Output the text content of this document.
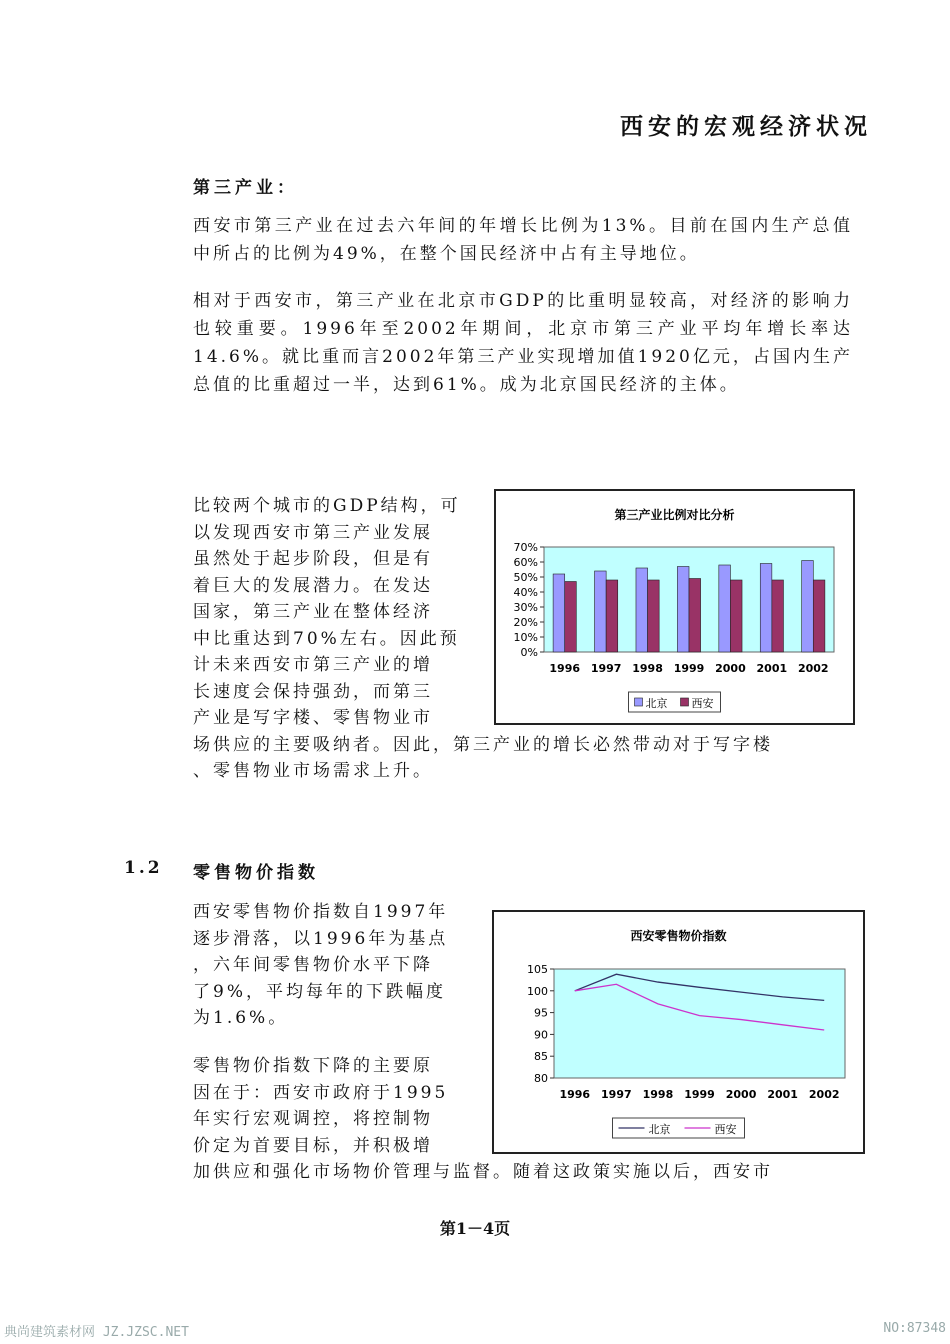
西安的宏观经济状况
第三产业：

西安市第三产业在过去六年间的年增长比例为13%。目前在国内生产总值中所占的比例为49%，在整个国民经济中占有主导地位。

相对于西安市，第三产业在北京市GDP的比重明显较高，对经济的影响力也较重要。1996年至2002年期间，北京市第三产业平均年增长率达14.6%。就比重而言2002年第三产业实现增加值1920亿元，占国内生产总值的比重超过一半，达到61%。成为北京国民经济的主体。

比较两个城市的GDP结构，可
以发现西安市第三产业发展
虽然处于起步阶段，但是有
着巨大的发展潜力。在发达
国家，第三产业在整体经济
中比重达到70%左右。因此预
计未来西安市第三产业的增
长速度会保持强劲，而第三
产业是写字楼、零售物业市
场供应的主要吸纳者。因此，第三产业的增长必然带动对于写字楼
、零售物业市场需求上升。
第三产业比例对比分析
0%
10%
20%
30%
40%
50%
60%
70%
1996 1997 1998 1999 2000 2001 2002
北京 西安
1.2 零售物价指数
西安零售物价指数自1997年
逐步滑落，以1996年为基点
，六年间零售物价水平下降
了9%，平均每年的下跌幅度
为1.6%。
零售物价指数下降的主要原
因在于：西安市政府于1995
年实行宏观调控，将控制物
价定为首要目标，并积极增
加供应和强化市场物价管理与监督。随着这政策实施以后，西安市
西安零售物价指数
80
85
90
95
100
105
1996 1997 1998 1999 2000 2001 2002
北京	西安
第1－4页
典尚建筑素材网 JZ.JZSC.NET	NO:87348
